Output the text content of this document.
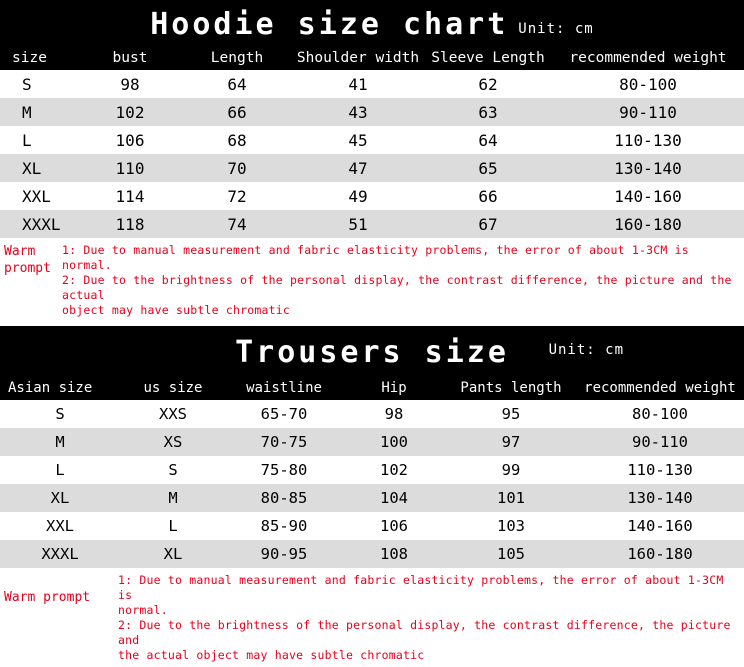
Hoodie size chart Unit: cm
size	bust	Length	Shoulder width	Sleeve Length	recommended weight
S	98	64	41	62	80-100
M	102	66	43	63	90-110
L	106	68	45	64	110-130
XL	110	70	47	65	130-140
XXL	114	72	49	66	140-160
XXXL	118	74	51	67	160-180
Warm prompt
1: Due to manual measurement and fabric elasticity problems, the error of about 1-3CM is normal.
2: Due to the brightness of the personal display, the contrast difference, the picture and the actual
object may have subtle chromatic
Trousers size	Unit: cm
Asian size	us size	waistline	Hip	Pants length	recommended weight
S	XXS	65-70	98	95	80-100
M	XS	70-75	100	97	90-110
L	S	75-80	102	99	110-130
XL	M	80-85	104	101	130-140
XXL	L	85-90	106	103	140-160
XXXL	XL	90-95	108	105	160-180
Warm prompt
1: Due to manual measurement and fabric elasticity problems, the error of about 1-3CM is
normal.
2: Due to the brightness of the personal display, the contrast difference, the picture and
the actual object may have subtle chromatic
